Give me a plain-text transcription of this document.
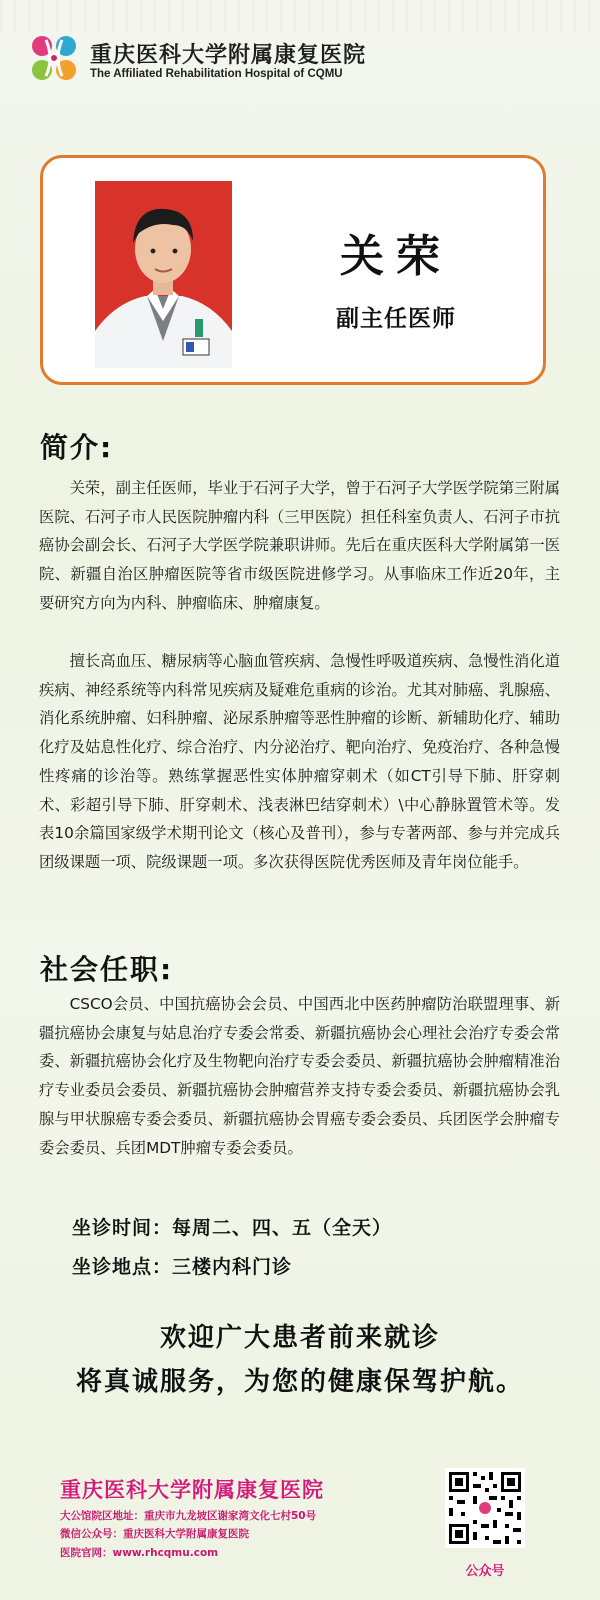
重庆医科大学附属康复医院
The Affiliated Rehabilitation Hospital of CQMU
关荣
副主任医师
简介:

关荣，副主任医师，毕业于石河子大学，曾于石河子大学医学院第三附属医院、石河子市人民医院肿瘤内科（三甲医院）担任科室负责人、石河子市抗癌协会副会长、石河子大学医学院兼职讲师。先后在重庆医科大学附属第一医院、新疆自治区肿瘤医院等省市级医院进修学习。从事临床工作近20年，主要研究方向为内科、肿瘤临床、肿瘤康复。

擅长高血压、糖尿病等心脑血管疾病、急慢性呼吸道疾病、急慢性消化道疾病、神经系统等内科常见疾病及疑难危重病的诊治。尤其对肺癌、乳腺癌、消化系统肿瘤、妇科肿瘤、泌尿系肿瘤等恶性肿瘤的诊断、新辅助化疗、辅助化疗及姑息性化疗、综合治疗、内分泌治疗、靶向治疗、免疫治疗、各种急慢性疼痛的诊治等。熟练掌握恶性实体肿瘤穿刺术（如CT引导下肺、肝穿刺术、彩超引导下肺、肝穿刺术、浅表淋巴结穿刺术）\中心静脉置管术等。发表10余篇国家级学术期刊论文（核心及普刊），参与专著两部、参与并完成兵团级课题一项、院级课题一项。多次获得医院优秀医师及青年岗位能手。

社会任职:

CSCO会员、中国抗癌协会会员、中国西北中医药肿瘤防治联盟理事、新疆抗癌协会康复与姑息治疗专委会常委、新疆抗癌协会心理社会治疗专委会常委、新疆抗癌协会化疗及生物靶向治疗专委会委员、新疆抗癌协会肿瘤精准治疗专业委员会委员、新疆抗癌协会肿瘤营养支持专委会委员、新疆抗癌协会乳腺与甲状腺癌专委会委员、新疆抗癌协会胃癌专委会委员、兵团医学会肿瘤专委会委员、兵团MDT肿瘤专委会委员。

坐诊时间：每周二、四、五（全天）
坐诊地点：三楼内科门诊
欢迎广大患者前来就诊
将真诚服务，为您的健康保驾护航。
重庆医科大学附属康复医院
大公馆院区地址：重庆市九龙坡区谢家湾文化七村50号
微信公众号：重庆医科大学附属康复医院
医院官网：www.rhcqmu.com
公众号
